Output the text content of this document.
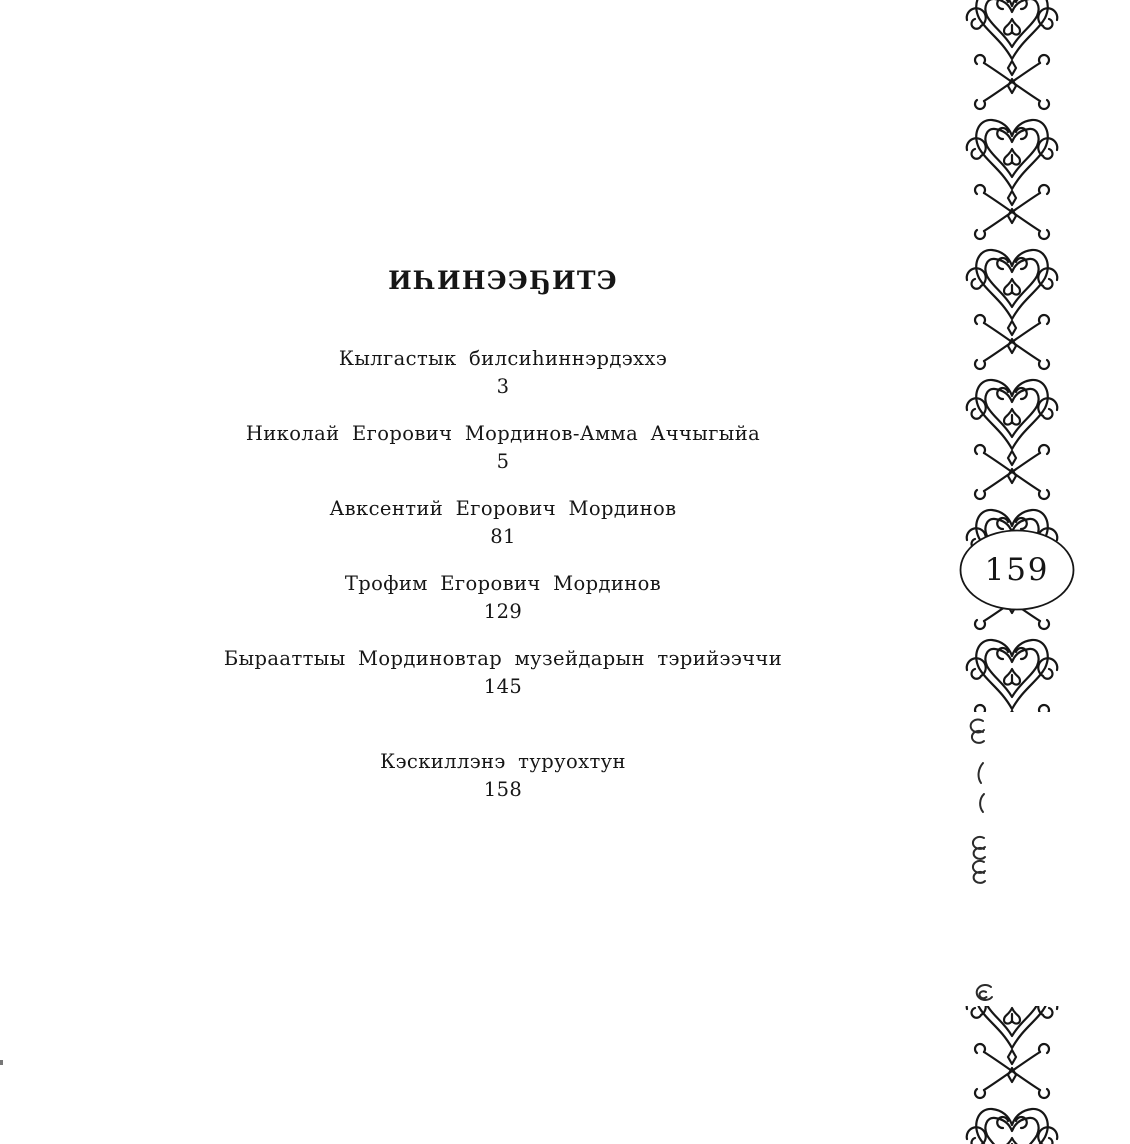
ИҺИНЭЭҔИТЭ
Кылгастык билсиһиннэрдэххэ
3
Николай Егорович Мординов-Амма Аччыгыйа
5
Авксентий Егорович Мординов
81
Трофим Егорович Мординов
129
Бырааттыы Мординовтар музейдарын тэрийээччи
145
Кэскиллэнэ туруохтун
158
159
